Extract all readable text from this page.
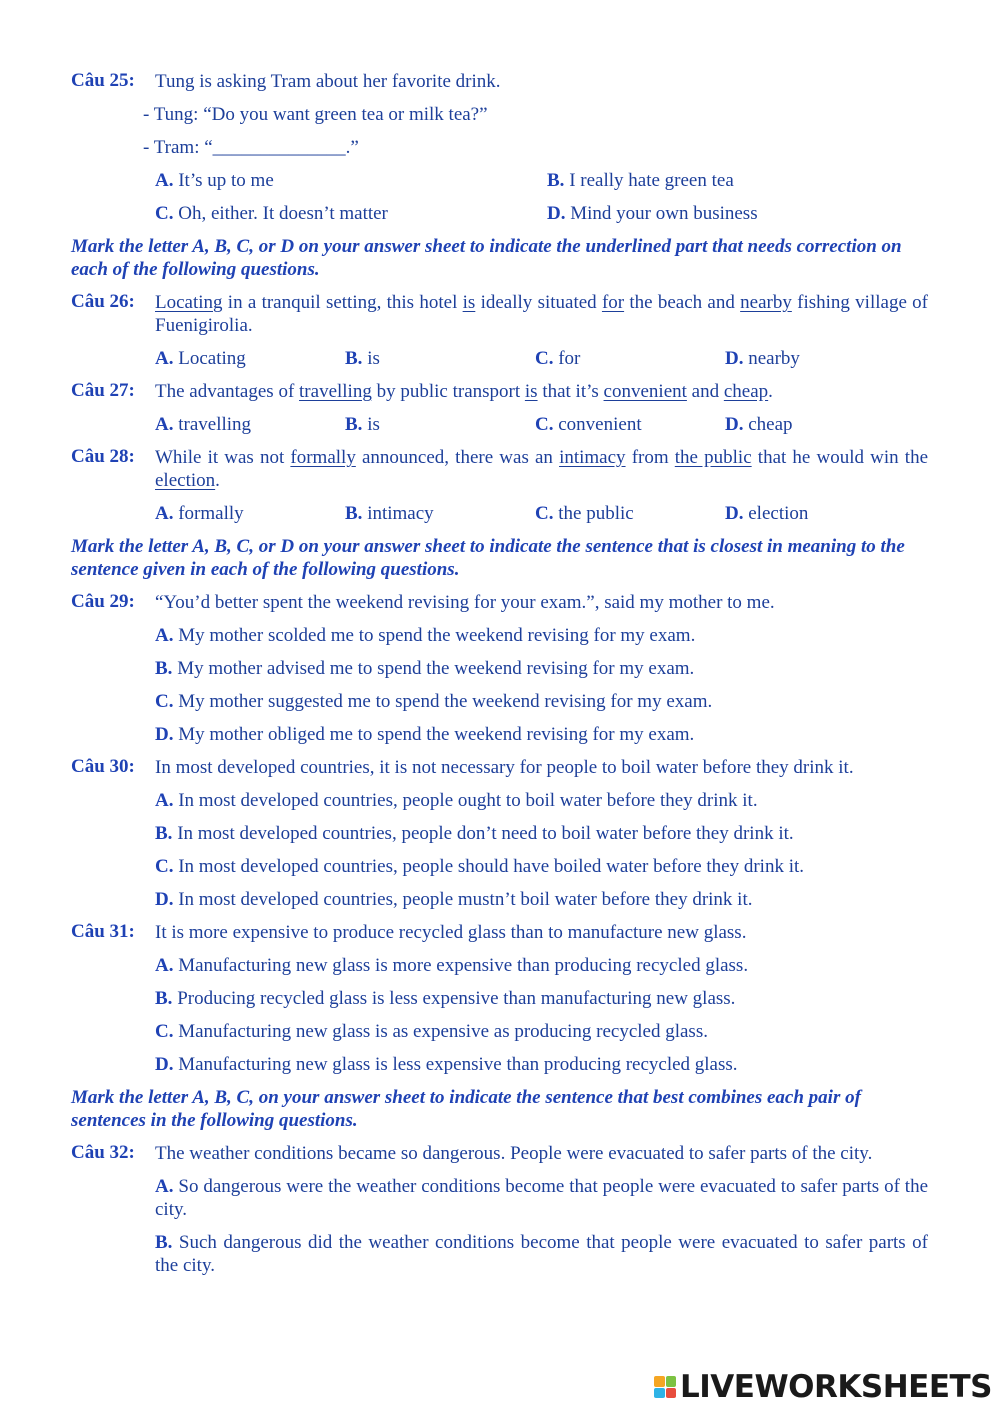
Câu 25:	Tung is asking Tram about her favorite drink.
- Tung: “Do you want green tea or milk tea?”
- Tram: “______________.”
A. It’s up to me	B. I really hate green tea
C. Oh, either. It doesn’t matter	D. Mind your own business
Mark the letter A, B, C, or D on your answer sheet to indicate the underlined part that needs correction on each of the following questions.
Câu 26:	Locating in a tranquil setting, this hotel is ideally situated for the beach and nearby fishing village of Fuenigirolia.
A. Locating	B. is	C. for	D. nearby
Câu 27:	The advantages of travelling by public transport is that it’s convenient and cheap.
A. travelling	B. is	C. convenient	D. cheap
Câu 28:	While it was not formally announced, there was an intimacy from the public that he would win the election.
A. formally	B. intimacy	C. the public	D. election
Mark the letter A, B, C, or D on your answer sheet to indicate the sentence that is closest in meaning to the sentence given in each of the following questions.
Câu 29:	“You’d better spent the weekend revising for your exam.”, said my mother to me.
A. My mother scolded me to spend the weekend revising for my exam.
B. My mother advised me to spend the weekend revising for my exam.
C. My mother suggested me to spend the weekend revising for my exam.
D. My mother obliged me to spend the weekend revising for my exam.
Câu 30:	In most developed countries, it is not necessary for people to boil water before they drink it.
A. In most developed countries, people ought to boil water before they drink it.
B. In most developed countries, people don’t need to boil water before they drink it.
C. In most developed countries, people should have boiled water before they drink it.
D. In most developed countries, people mustn’t boil water before they drink it.
Câu 31:	It is more expensive to produce recycled glass than to manufacture new glass.
A. Manufacturing new glass is more expensive than producing recycled glass.
B. Producing recycled glass is less expensive than manufacturing new glass.
C. Manufacturing new glass is as expensive as producing recycled glass.
D. Manufacturing new glass is less expensive than producing recycled glass.
Mark the letter A, B, C, on your answer sheet to indicate the sentence that best combines each pair of sentences in the following questions.
Câu 32:	The weather conditions became so dangerous. People were evacuated to safer parts of the city.
A. So dangerous were the weather conditions become that people were evacuated to safer parts of the city.
B. Such dangerous did the weather conditions become that people were evacuated to safer parts of the city.
LIVEWORKSHEETS
